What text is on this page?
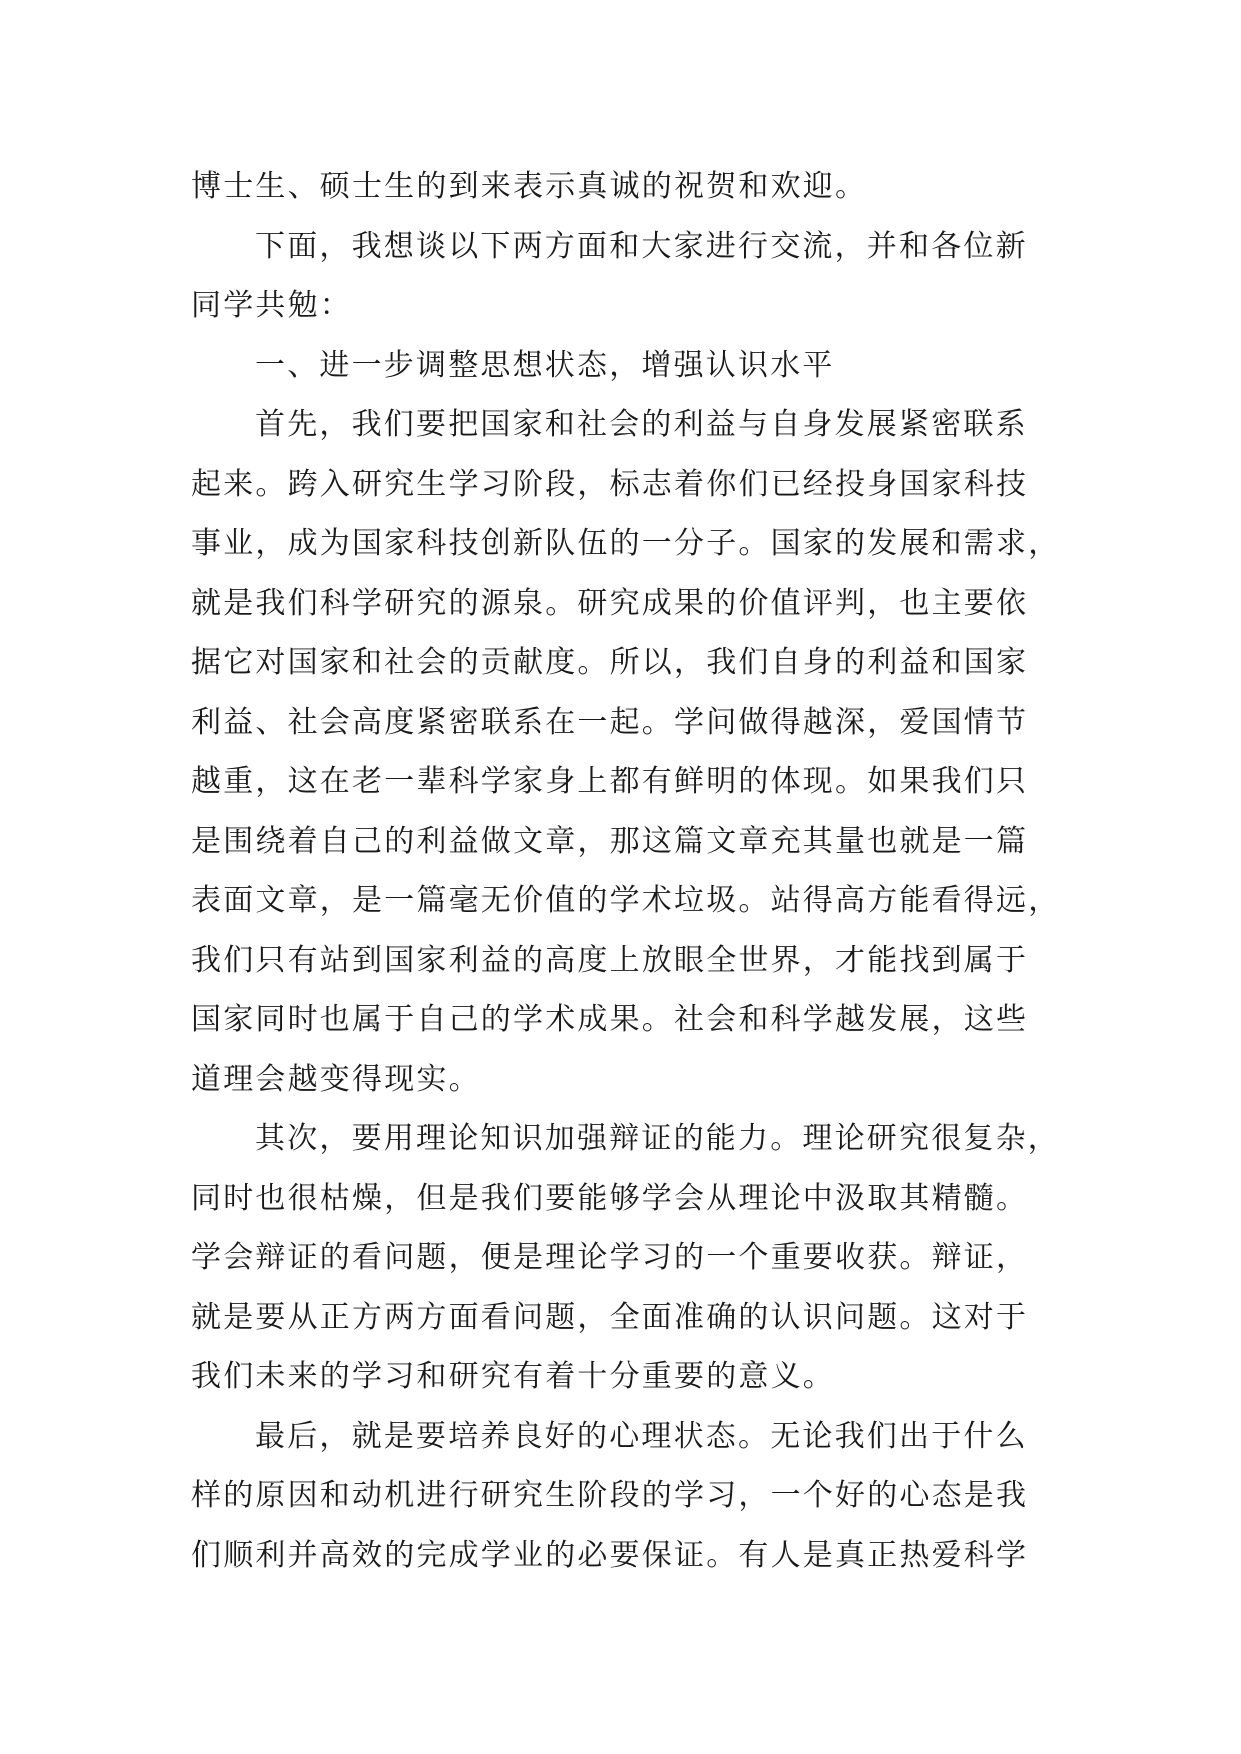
博士生、硕士生的到来表示真诚的祝贺和欢迎。
下面，我想谈以下两方面和大家进行交流，并和各位新
同学共勉：
一、进一步调整思想状态，增强认识水平
首先，我们要把国家和社会的利益与自身发展紧密联系
起来。跨入研究生学习阶段，标志着你们已经投身国家科技
事业，成为国家科技创新队伍的一分子。国家的发展和需求，
就是我们科学研究的源泉。研究成果的价值评判，也主要依
据它对国家和社会的贡献度。所以，我们自身的利益和国家
利益、社会高度紧密联系在一起。学问做得越深，爱国情节
越重，这在老一辈科学家身上都有鲜明的体现。如果我们只
是围绕着自己的利益做文章，那这篇文章充其量也就是一篇
表面文章，是一篇毫无价值的学术垃圾。站得高方能看得远，
我们只有站到国家利益的高度上放眼全世界，才能找到属于
国家同时也属于自己的学术成果。社会和科学越发展，这些
道理会越变得现实。
其次，要用理论知识加强辩证的能力。理论研究很复杂，
同时也很枯燥，但是我们要能够学会从理论中汲取其精髓。
学会辩证的看问题，便是理论学习的一个重要收获。辩证，
就是要从正方两方面看问题，全面准确的认识问题。这对于
我们未来的学习和研究有着十分重要的意义。
最后，就是要培养良好的心理状态。无论我们出于什么
样的原因和动机进行研究生阶段的学习，一个好的心态是我
们顺利并高效的完成学业的必要保证。有人是真正热爱科学
